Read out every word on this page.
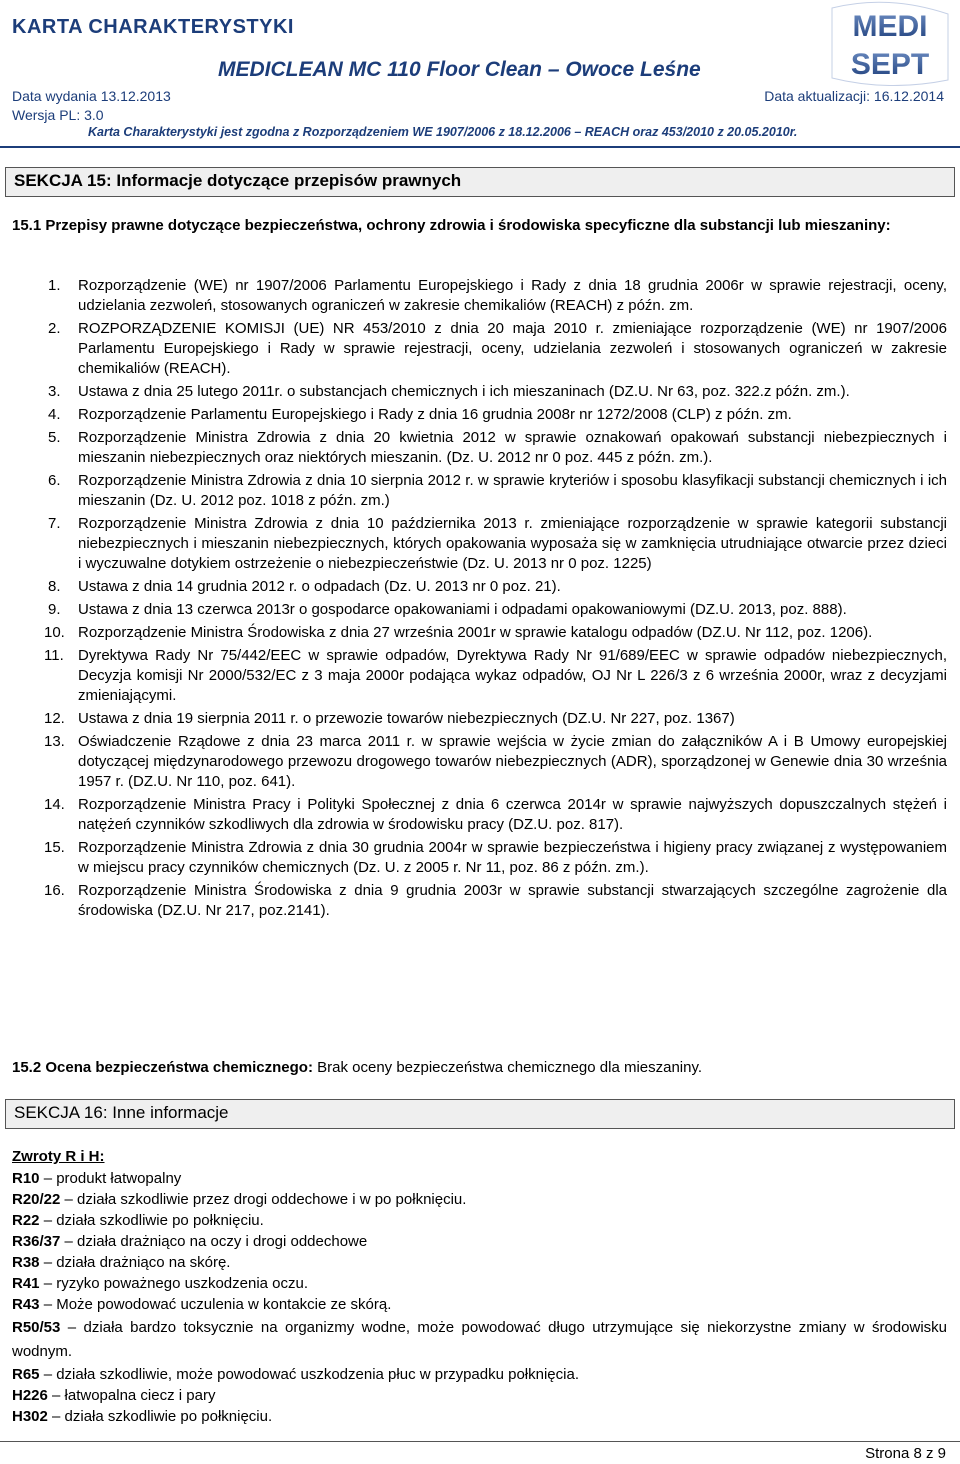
KARTA CHARAKTERYSTYKI
MEDICLEAN MC 110 Floor Clean – Owoce Leśne
Data wydania 13.12.2013	Data aktualizacji: 16.12.2014
Wersja PL: 3.0
Karta Charakterystyki jest zgodna z Rozporządzeniem WE 1907/2006 z 18.12.2006 – REACH oraz 453/2010 z 20.05.2010r.
MEDI
SEPT
SEKCJA 15: Informacje dotyczące przepisów prawnych
15.1 Przepisy prawne dotyczące bezpieczeństwa, ochrony zdrowia i środowiska specyficzne dla substancji lub mieszaniny:
1. Rozporządzenie (WE) nr 1907/2006 Parlamentu Europejskiego i Rady z dnia 18 grudnia 2006r w sprawie rejestracji, oceny, udzielania zezwoleń, stosowanych ograniczeń w zakresie chemikaliów (REACH) z późn. zm.
2. ROZPORZĄDZENIE KOMISJI (UE) NR 453/2010 z dnia 20 maja 2010 r. zmieniające rozporządzenie (WE) nr 1907/2006 Parlamentu Europejskiego i Rady w sprawie rejestracji, oceny, udzielania zezwoleń i stosowanych ograniczeń w zakresie chemikaliów (REACH).
3. Ustawa z dnia 25 lutego 2011r. o substancjach chemicznych i ich mieszaninach (DZ.U. Nr 63, poz. 322.z późn. zm.).
4. Rozporządzenie Parlamentu Europejskiego i Rady z dnia 16 grudnia 2008r nr 1272/2008 (CLP) z późn. zm.
5. Rozporządzenie Ministra Zdrowia z dnia 20 kwietnia 2012 w sprawie oznakowań opakowań substancji niebezpiecznych i mieszanin niebezpiecznych oraz niektórych mieszanin. (Dz. U. 2012 nr 0 poz. 445 z późn. zm.).
6. Rozporządzenie Ministra Zdrowia z dnia 10 sierpnia 2012 r. w sprawie kryteriów i sposobu klasyfikacji substancji chemicznych i ich mieszanin (Dz. U. 2012 poz. 1018 z późn. zm.)
7. Rozporządzenie Ministra Zdrowia z dnia 10 października 2013 r. zmieniające rozporządzenie w sprawie kategorii substancji niebezpiecznych i mieszanin niebezpiecznych, których opakowania wyposaża się w zamknięcia utrudniające otwarcie przez dzieci i wyczuwalne dotykiem ostrzeżenie o niebezpieczeństwie (Dz. U. 2013 nr 0 poz. 1225)
8. Ustawa z dnia 14 grudnia 2012 r. o odpadach (Dz. U. 2013 nr 0 poz. 21).
9. Ustawa z dnia 13 czerwca 2013r o gospodarce opakowaniami i odpadami opakowaniowymi (DZ.U. 2013, poz. 888).
10. Rozporządzenie Ministra Środowiska z dnia 27 września 2001r w sprawie katalogu odpadów (DZ.U. Nr 112, poz. 1206).
11. Dyrektywa Rady Nr 75/442/EEC w sprawie odpadów, Dyrektywa Rady Nr 91/689/EEC w sprawie odpadów niebezpiecznych, Decyzja komisji Nr 2000/532/EC z 3 maja 2000r podająca wykaz odpadów, OJ Nr L 226/3 z 6 września 2000r, wraz z decyzjami zmieniającymi.
12. Ustawa z dnia 19 sierpnia 2011 r. o przewozie towarów niebezpiecznych (DZ.U. Nr 227, poz. 1367)
13. Oświadczenie Rządowe z dnia 23 marca 2011 r. w sprawie wejścia w życie zmian do załączników A i B Umowy europejskiej dotyczącej międzynarodowego przewozu drogowego towarów niebezpiecznych (ADR), sporządzonej w Genewie dnia 30 września 1957 r. (DZ.U. Nr 110, poz. 641).
14. Rozporządzenie Ministra Pracy i Polityki Społecznej z dnia 6 czerwca 2014r w sprawie najwyższych dopuszczalnych stężeń i natężeń czynników szkodliwych dla zdrowia w środowisku pracy (DZ.U. poz. 817).
15. Rozporządzenie Ministra Zdrowia z dnia 30 grudnia 2004r w sprawie bezpieczeństwa i higieny pracy związanej z występowaniem w miejscu pracy czynników chemicznych (Dz. U. z 2005 r. Nr 11, poz. 86 z późn. zm.).
16. Rozporządzenie Ministra Środowiska z dnia 9 grudnia 2003r w sprawie substancji stwarzających szczególne zagrożenie dla środowiska (DZ.U. Nr 217, poz.2141).
15.2 Ocena bezpieczeństwa chemicznego: Brak oceny bezpieczeństwa chemicznego dla mieszaniny.
SEKCJA 16: Inne informacje
Zwroty R i H:
R10 – produkt łatwopalny
R20/22 – działa szkodliwie przez drogi oddechowe i w po połknięciu.
R22 – działa szkodliwie po połknięciu.
R36/37 – działa drażniąco na oczy i drogi oddechowe
R38 – działa drażniąco na skórę.
R41 – ryzyko poważnego uszkodzenia oczu.
R43 – Może powodować uczulenia w kontakcie ze skórą.
R50/53 – działa bardzo toksycznie na organizmy wodne, może powodować długo utrzymujące się niekorzystne zmiany w środowisku wodnym.
R65 – działa szkodliwie, może powodować uszkodzenia płuc w przypadku połknięcia.
H226 – łatwopalna ciecz i pary
H302 – działa szkodliwie po połknięciu.
Strona 8 z 9
